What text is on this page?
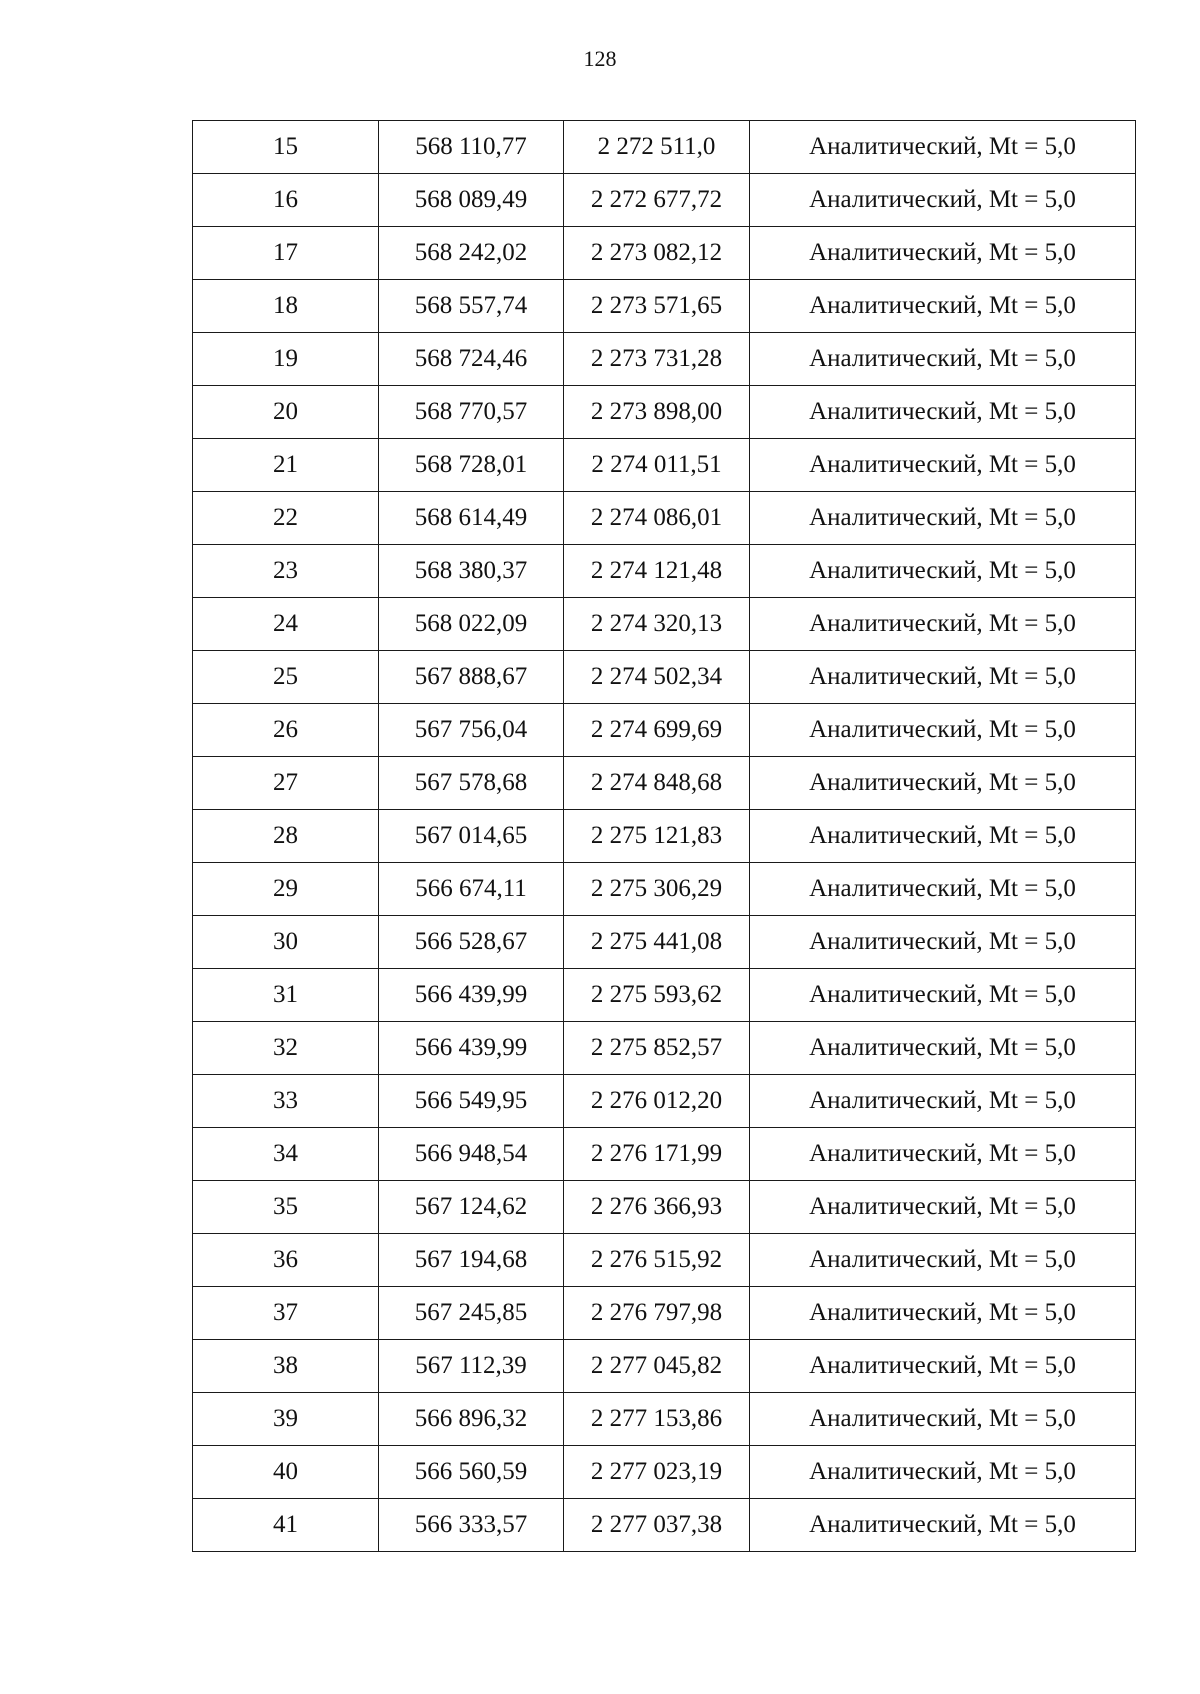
128
15	568 110,77	2 272 511,0	Аналитический, Mt = 5,0
16	568 089,49	2 272 677,72	Аналитический, Mt = 5,0
17	568 242,02	2 273 082,12	Аналитический, Mt = 5,0
18	568 557,74	2 273 571,65	Аналитический, Mt = 5,0
19	568 724,46	2 273 731,28	Аналитический, Mt = 5,0
20	568 770,57	2 273 898,00	Аналитический, Mt = 5,0
21	568 728,01	2 274 011,51	Аналитический, Mt = 5,0
22	568 614,49	2 274 086,01	Аналитический, Mt = 5,0
23	568 380,37	2 274 121,48	Аналитический, Mt = 5,0
24	568 022,09	2 274 320,13	Аналитический, Mt = 5,0
25	567 888,67	2 274 502,34	Аналитический, Mt = 5,0
26	567 756,04	2 274 699,69	Аналитический, Mt = 5,0
27	567 578,68	2 274 848,68	Аналитический, Mt = 5,0
28	567 014,65	2 275 121,83	Аналитический, Mt = 5,0
29	566 674,11	2 275 306,29	Аналитический, Mt = 5,0
30	566 528,67	2 275 441,08	Аналитический, Mt = 5,0
31	566 439,99	2 275 593,62	Аналитический, Mt = 5,0
32	566 439,99	2 275 852,57	Аналитический, Mt = 5,0
33	566 549,95	2 276 012,20	Аналитический, Mt = 5,0
34	566 948,54	2 276 171,99	Аналитический, Mt = 5,0
35	567 124,62	2 276 366,93	Аналитический, Mt = 5,0
36	567 194,68	2 276 515,92	Аналитический, Mt = 5,0
37	567 245,85	2 276 797,98	Аналитический, Mt = 5,0
38	567 112,39	2 277 045,82	Аналитический, Mt = 5,0
39	566 896,32	2 277 153,86	Аналитический, Mt = 5,0
40	566 560,59	2 277 023,19	Аналитический, Mt = 5,0
41	566 333,57	2 277 037,38	Аналитический, Mt = 5,0
